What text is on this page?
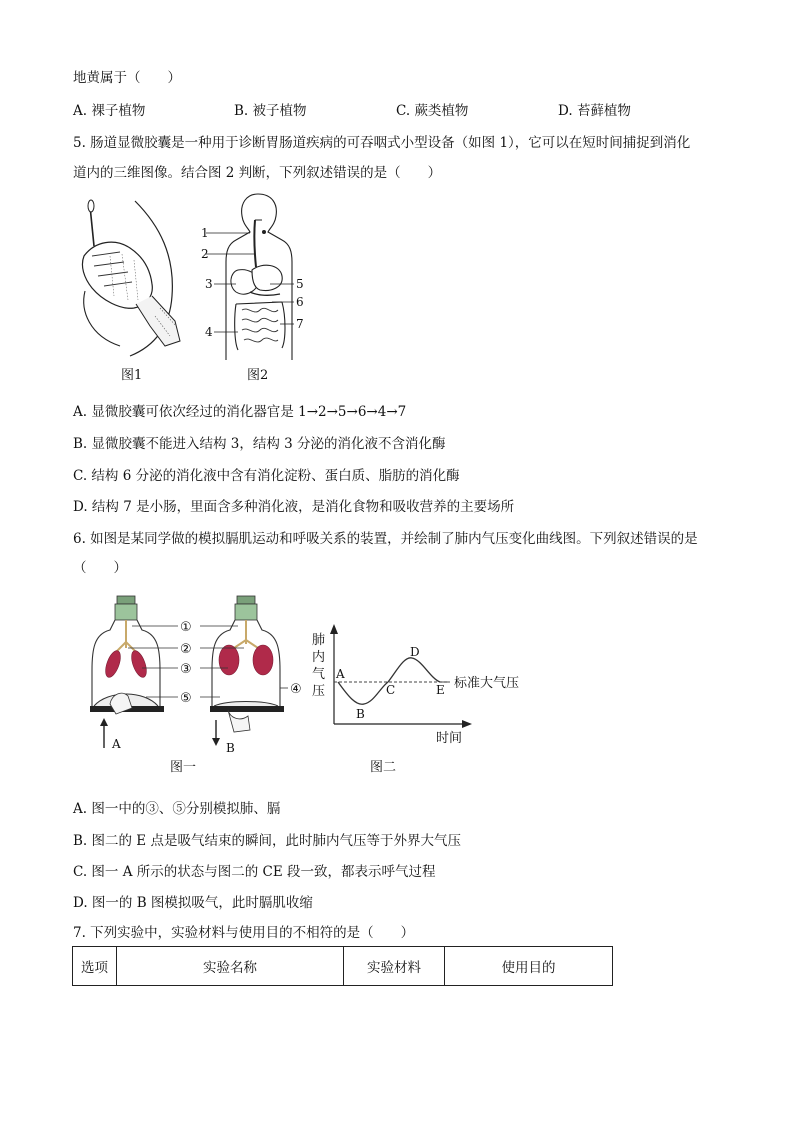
地黄属于（　　）
A. 裸子植物	B. 被子植物	C. 蕨类植物	D. 苔藓植物
5. 肠道显微胶囊是一种用于诊断胃肠道疾病的可吞咽式小型设备（如图 1），它可以在短时间捕捉到消化
道内的三维图像。结合图 2 判断，下列叙述错误的是（　　）
图1
1
2
3
4
5
6
7
图2
A. 显微胶囊可依次经过的消化器官是 1→2→5→6→4→7
B. 显微胶囊不能进入结构 3，结构 3 分泌的消化液不含消化酶
C. 结构 6 分泌的消化液中含有消化淀粉、蛋白质、脂肪的消化酶
D. 结构 7 是小肠，里面含多种消化液，是消化食物和吸收营养的主要场所
6. 如图是某同学做的模拟膈肌运动和呼吸关系的装置，并绘制了肺内气压变化曲线图。下列叙述错误的是
（　　）
①
②
③
⑤
④
A	B
图一
肺
内
气
压
时间
A
B
C
D
E 标准大气压
图二
A. 图一中的③、⑤分别模拟肺、膈
B. 图二的 E 点是吸气结束的瞬间，此时肺内气压等于外界大气压
C. 图一 A 所示的状态与图二的 CE 段一致，都表示呼气过程
D. 图一的 B 图模拟吸气，此时膈肌收缩
7. 下列实验中，实验材料与使用目的不相符的是（　　）
选项	实验名称	实验材料	使用目的
